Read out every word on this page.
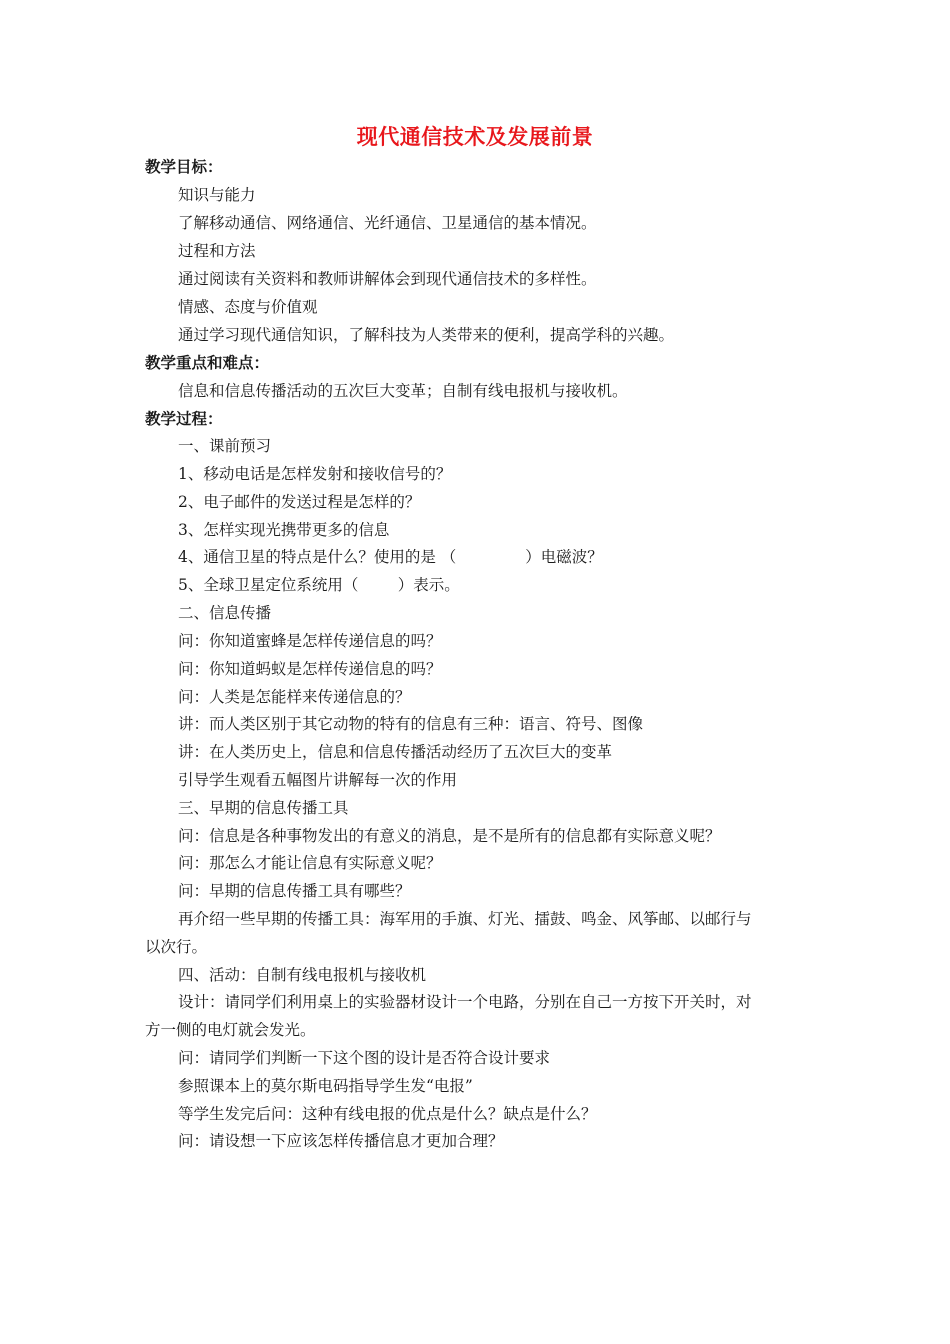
现代通信技术及发展前景
教学目标：
知识与能力
了解移动通信、网络通信、光纤通信、卫星通信的基本情况。
过程和方法
通过阅读有关资料和教师讲解体会到现代通信技术的多样性。
情感、态度与价值观
通过学习现代通信知识，了解科技为人类带来的便利，提高学科的兴趣。
教学重点和难点：
信息和信息传播活动的五次巨大变革；自制有线电报机与接收机。
教学过程：
一、课前预习
1、移动电话是怎样发射和接收信号的？
2、电子邮件的发送过程是怎样的？
3、怎样实现光携带更多的信息
4、通信卫星的特点是什么？使用的是 （              ）电磁波？
5、全球卫星定位系统用（        ）表示。
二、信息传播
问：你知道蜜蜂是怎样传递信息的吗？
问：你知道蚂蚁是怎样传递信息的吗？
问：人类是怎能样来传递信息的？
讲：而人类区别于其它动物的特有的信息有三种：语言、符号、图像
讲：在人类历史上，信息和信息传播活动经历了五次巨大的变革
引导学生观看五幅图片讲解每一次的作用
三、早期的信息传播工具
问：信息是各种事物发出的有意义的消息，是不是所有的信息都有实际意义呢？
问：那怎么才能让信息有实际意义呢？
问：早期的信息传播工具有哪些？
再介绍一些早期的传播工具：海军用的手旗、灯光、擂鼓、鸣金、风筝邮、以邮行与
以次行。
四、活动：自制有线电报机与接收机
设计：请同学们利用桌上的实验器材设计一个电路，分别在自己一方按下开关时，对
方一侧的电灯就会发光。
问：请同学们判断一下这个图的设计是否符合设计要求
参照课本上的莫尔斯电码指导学生发“电报”
等学生发完后问：这种有线电报的优点是什么？缺点是什么？
问：请设想一下应该怎样传播信息才更加合理？
